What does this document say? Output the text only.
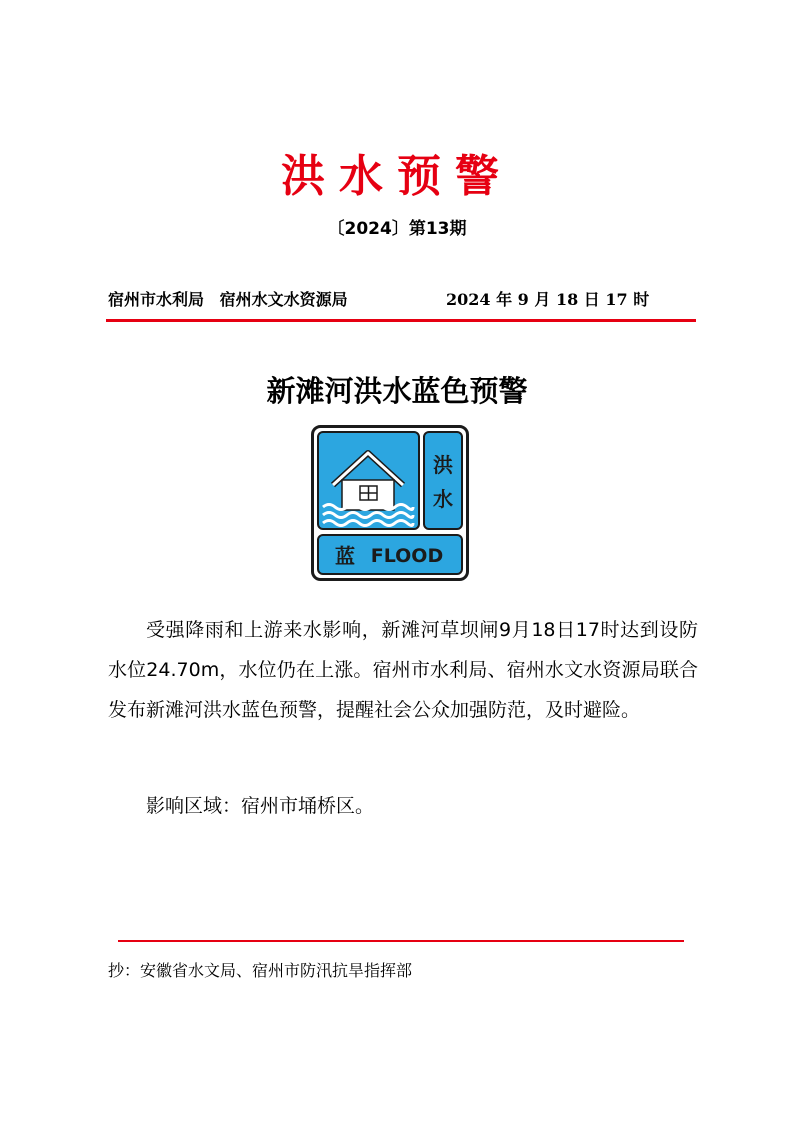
洪水预警
〔2024〕第13期
宿州市水利局 宿州水文水资源局	2024 年 9 月 18 日 17 时
新滩河洪水蓝色预警
洪
水
蓝 FLOOD
受强降雨和上游来水影响，新滩河草坝闸9月18日17时达到设防水位24.70m，水位仍在上涨。宿州市水利局、宿州水文水资源局联合发布新滩河洪水蓝色预警，提醒社会公众加强防范，及时避险。
影响区域：宿州市埇桥区。
抄：安徽省水文局、宿州市防汛抗旱指挥部
